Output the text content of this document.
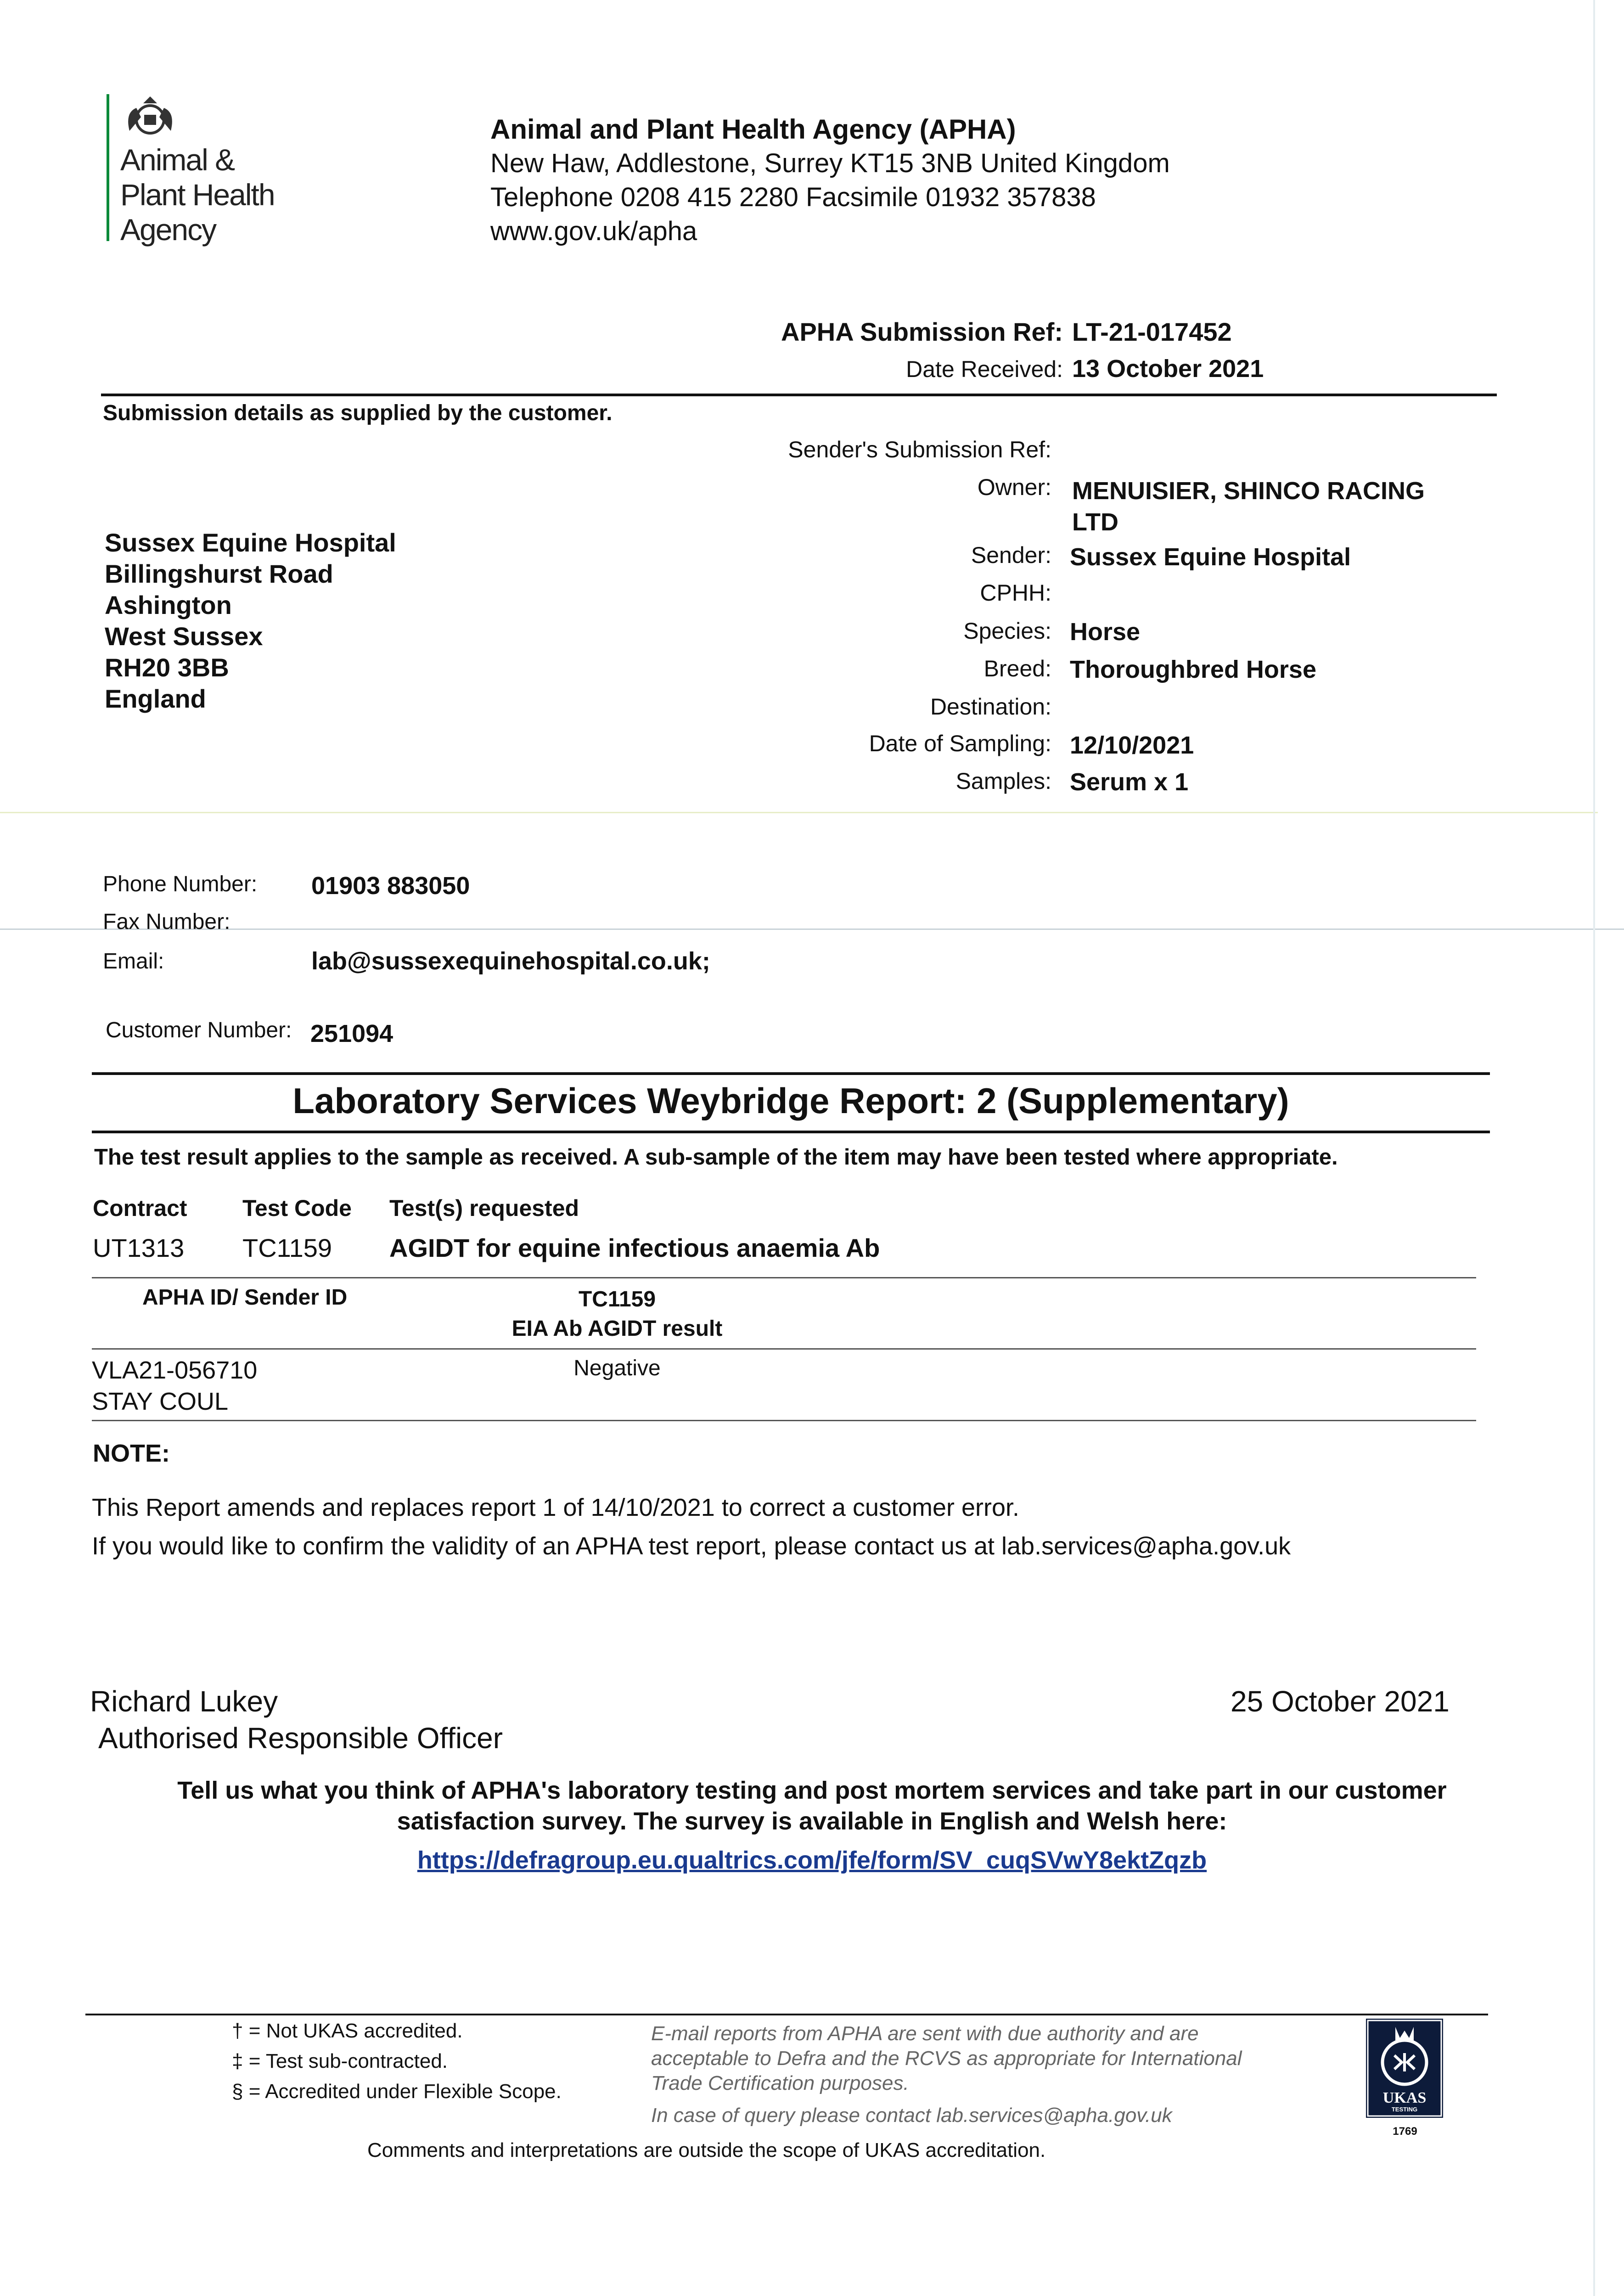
Animal &
Plant Health
Agency
Animal and Plant Health Agency (APHA)
New Haw, Addlestone, Surrey KT15 3NB United Kingdom
Telephone 0208 415 2280 Facsimile 01932 357838
www.gov.uk/apha
APHA Submission Ref: LT-21-017452
Date Received: 13 October 2021
Submission details as supplied by the customer.
Sender's Submission Ref:
Owner: MENUISIER, SHINCO RACING
LTD
Sender: Sussex Equine Hospital
CPHH:
Species: Horse
Breed: Thoroughbred Horse
Destination:
Date of Sampling: 12/10/2021
Samples: Serum x 1
Sussex Equine Hospital
Billingshurst Road
Ashington
West Sussex
RH20 3BB
England
Phone Number: 01903 883050
Fax Number:
Email:	lab@sussexequinehospital.co.uk;
Customer Number: 251094
Laboratory Services Weybridge Report: 2 (Supplementary)
The test result applies to the sample as received. A sub-sample of the item may have been tested where appropriate.
Contract Test Code Test(s) requested
UT1313 TC1159 AGIDT for equine infectious anaemia Ab
APHA ID/ Sender ID	TC1159
EIA Ab AGIDT result
VLA21-056710
STAY COUL
Negative
NOTE:
This Report amends and replaces report 1 of 14/10/2021 to correct a customer error.
If you would like to confirm the validity of an APHA test report, please contact us at lab.services@apha.gov.uk
Richard Lukey
Authorised Responsible Officer
25 October 2021
Tell us what you think of APHA's laboratory testing and post mortem services and take part in our customer
satisfaction survey. The survey is available in English and Welsh here:
https://defragroup.eu.qualtrics.com/jfe/form/SV_cuqSVwY8ektZqzb
† = Not UKAS accredited.
‡ = Test sub-contracted.
§ = Accredited under Flexible Scope.
E-mail reports from APHA are sent with due authority and are acceptable to Defra and the RCVS as appropriate for International Trade Certification purposes.
In case of query please contact lab.services@apha.gov.uk
UKAS
TESTING
1769
Comments and interpretations are outside the scope of UKAS accreditation.
